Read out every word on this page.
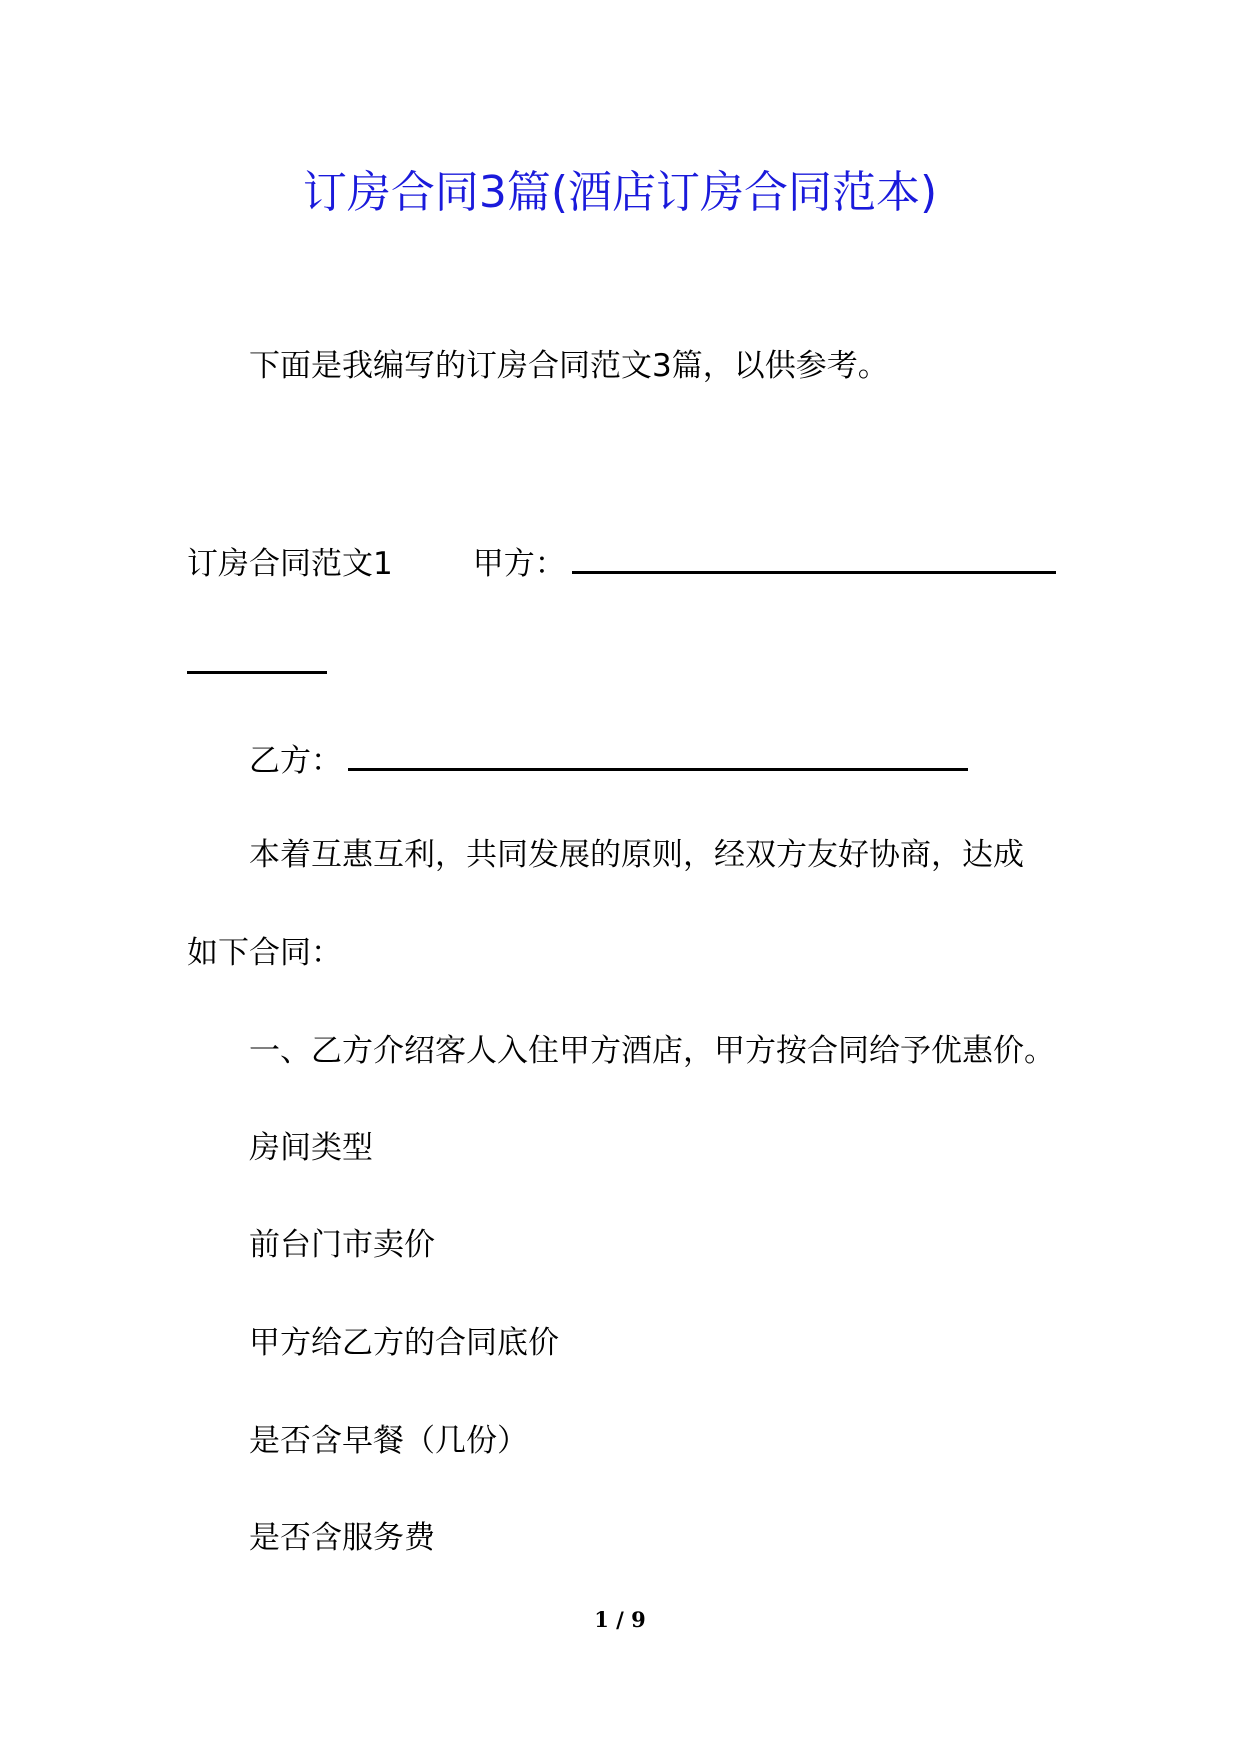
订房合同3篇(酒店订房合同范本)
下面是我编写的订房合同范文3篇，以供参考。
订房合同范文1	甲方：
乙方：
本着互惠互利，共同发展的原则，经双方友好协商，达成
如下合同：
一、乙方介绍客人入住甲方酒店，甲方按合同给予优惠价。
房间类型
前台门市卖价
甲方给乙方的合同底价
是否含早餐（几份）
是否含服务费
1 / 9
